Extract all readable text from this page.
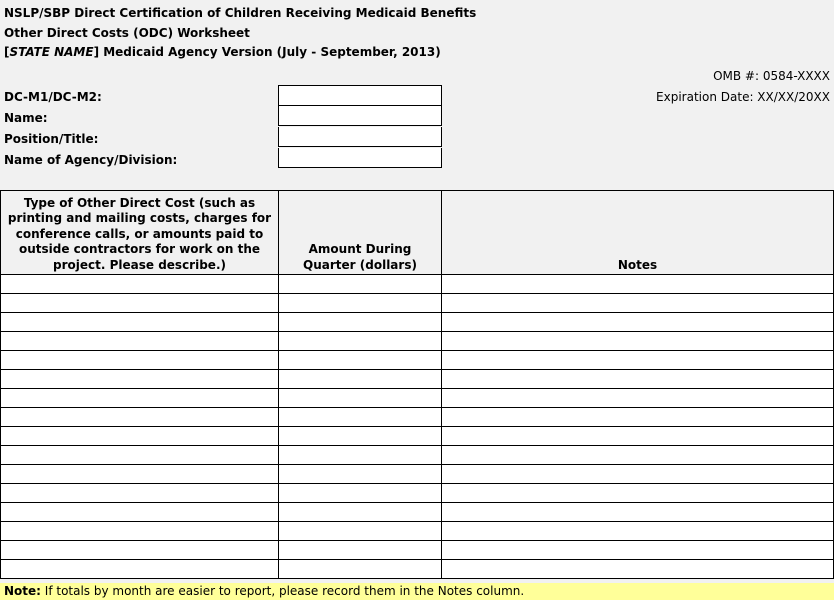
NSLP/SBP Direct Certification of Children Receiving Medicaid Benefits
Other Direct Costs (ODC) Worksheet
[STATE NAME] Medicaid Agency Version (July - September, 2013)
OMB #: 0584-XXXX
Expiration Date: XX/XX/20XX
DC-M1/DC-M2:
Name:
Position/Title:
Name of Agency/Division:
Type of Other Direct Cost (such as printing and mailing costs, charges for conference calls, or amounts paid to outside contractors for work on the project. Please describe.)	Amount During Quarter (dollars)	Notes

Note: If totals by month are easier to report, please record them in the Notes column.
